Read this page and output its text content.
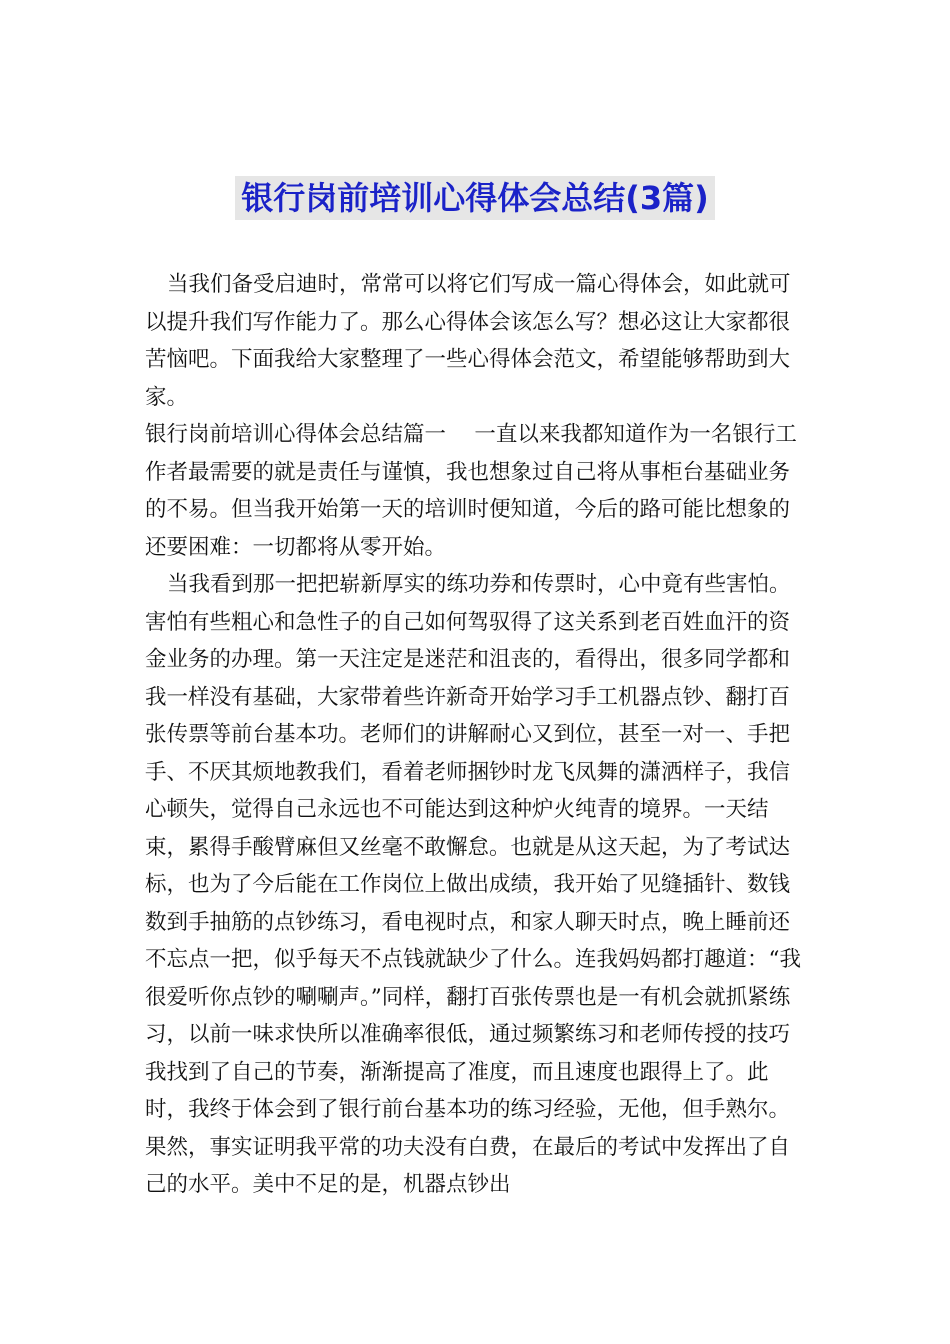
银行岗前培训心得体会总结(3篇)

当我们备受启迪时，常常可以将它们写成一篇心得体会，如此就可以提升我们写作能力了。那么心得体会该怎么写？想必这让大家都很苦恼吧。下面我给大家整理了一些心得体会范文，希望能够帮助到大家。

银行岗前培训心得体会总结篇一　 一直以来我都知道作为一名银行工作者最需要的就是责任与谨慎，我也想象过自己将从事柜台基础业务的不易。但当我开始第一天的培训时便知道，今后的路可能比想象的还要困难：一切都将从零开始。

当我看到那一把把崭新厚实的练功券和传票时，心中竟有些害怕。害怕有些粗心和急性子的自己如何驾驭得了这关系到老百姓血汗的资金业务的办理。第一天注定是迷茫和沮丧的，看得出，很多同学都和我一样没有基础，大家带着些许新奇开始学习手工机器点钞、翻打百张传票等前台基本功。老师们的讲解耐心又到位，甚至一对一、手把手、不厌其烦地教我们，看着老师捆钞时龙飞凤舞的潇洒样子，我信心顿失，觉得自己永远也不可能达到这种炉火纯青的境界。一天结束，累得手酸臂麻但又丝毫不敢懈怠。也就是从这天起，为了考试达标，也为了今后能在工作岗位上做出成绩，我开始了见缝插针、数钱数到手抽筋的点钞练习，看电视时点，和家人聊天时点，晚上睡前还不忘点一把，似乎每天不点钱就缺少了什么。连我妈妈都打趣道：“我很爱听你点钞的唰唰声。”同样，翻打百张传票也是一有机会就抓紧练习，以前一味求快所以准确率很低，通过频繁练习和老师传授的技巧我找到了自己的节奏，渐渐提高了准度，而且速度也跟得上了。此时，我终于体会到了银行前台基本功的练习经验，无他，但手熟尔。果然，事实证明我平常的功夫没有白费，在最后的考试中发挥出了自己的水平。美中不足的是，机器点钞出
